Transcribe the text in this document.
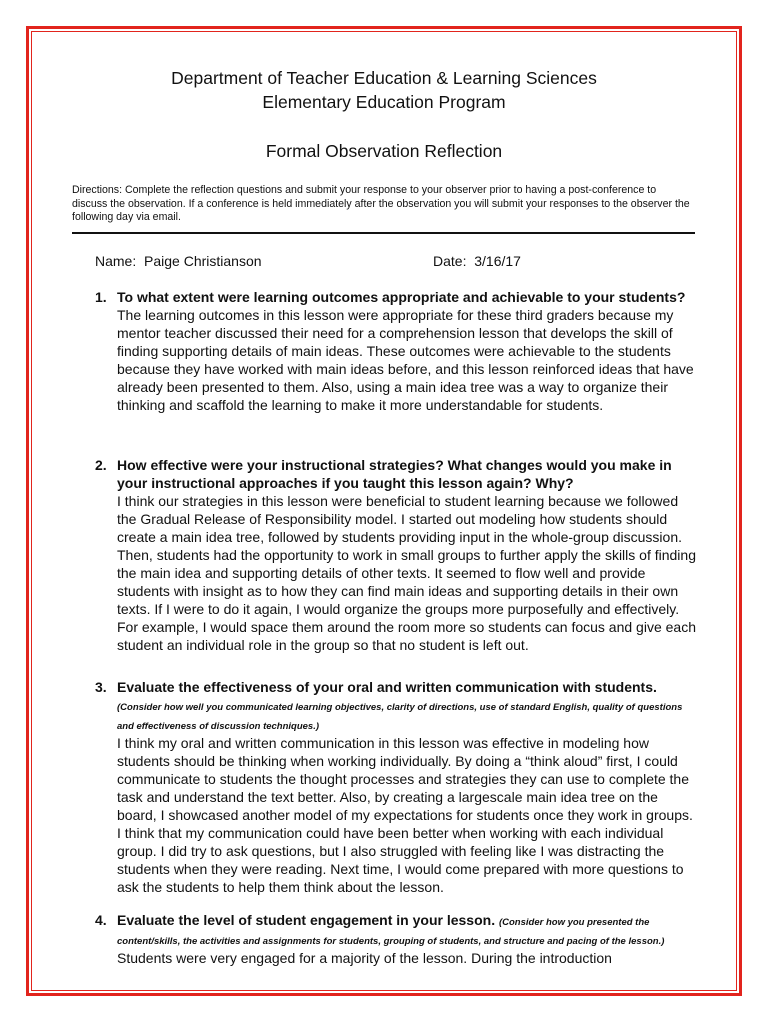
Department of Teacher Education & Learning Sciences
Elementary Education Program
Formal Observation Reflection
Directions: Complete the reflection questions and submit your response to your observer prior to having a post-conference to discuss the observation. If a conference is held immediately after the observation you will submit your responses to the observer the following day via email.
Name: Paige Christianson	Date: 3/16/17
1. To what extent were learning outcomes appropriate and achievable to your students?
The learning outcomes in this lesson were appropriate for these third graders because my mentor teacher discussed their need for a comprehension lesson that develops the skill of finding supporting details of main ideas. These outcomes were achievable to the students because they have worked with main ideas before, and this lesson reinforced ideas that have already been presented to them. Also, using a main idea tree was a way to organize their thinking and scaffold the learning to make it more understandable for students.
2. How effective were your instructional strategies? What changes would you make in your instructional approaches if you taught this lesson again? Why?
I think our strategies in this lesson were beneficial to student learning because we followed the Gradual Release of Responsibility model. I started out modeling how students should create a main idea tree, followed by students providing input in the whole-group discussion. Then, students had the opportunity to work in small groups to further apply the skills of finding the main idea and supporting details of other texts. It seemed to flow well and provide students with insight as to how they can find main ideas and supporting details in their own texts. If I were to do it again, I would organize the groups more purposefully and effectively. For example, I would space them around the room more so students can focus and give each student an individual role in the group so that no student is left out.
3. Evaluate the effectiveness of your oral and written communication with students. (Consider how well you communicated learning objectives, clarity of directions, use of standard English, quality of questions and effectiveness of discussion techniques.)
I think my oral and written communication in this lesson was effective in modeling how students should be thinking when working individually. By doing a “think aloud” first, I could communicate to students the thought processes and strategies they can use to complete the task and understand the text better. Also, by creating a largescale main idea tree on the board, I showcased another model of my expectations for students once they work in groups. I think that my communication could have been better when working with each individual group. I did try to ask questions, but I also struggled with feeling like I was distracting the students when they were reading. Next time, I would come prepared with more questions to ask the students to help them think about the lesson.
4. Evaluate the level of student engagement in your lesson. (Consider how you presented the content/skills, the activities and assignments for students, grouping of students, and structure and pacing of the lesson.)
Students were very engaged for a majority of the lesson. During the introduction
